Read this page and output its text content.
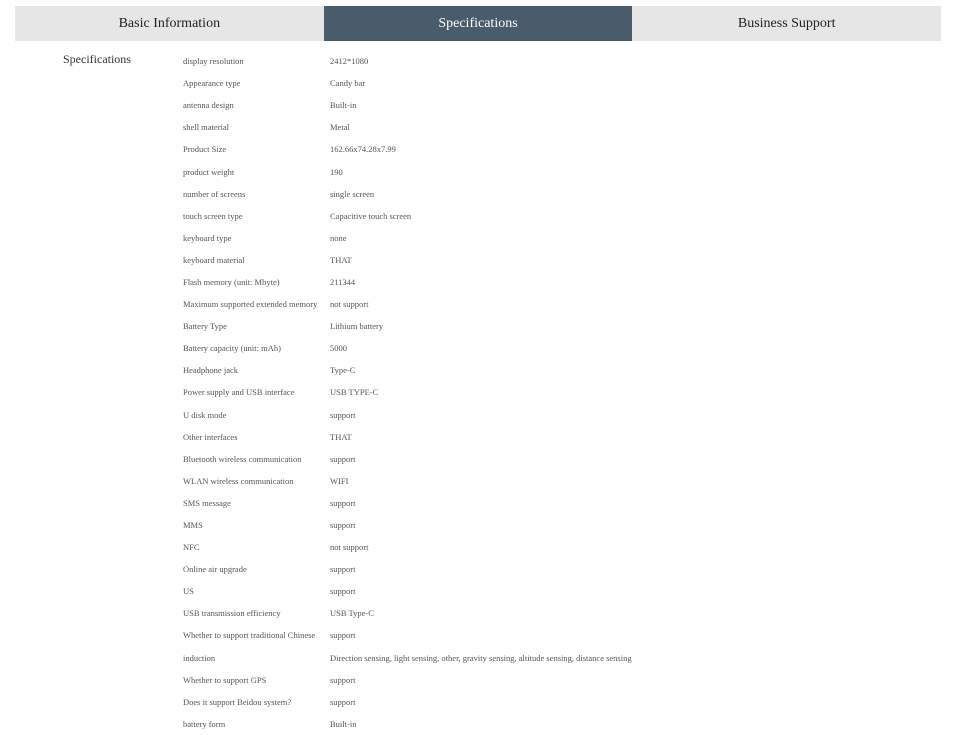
Basic Information	Specifications	Business Support
Specifications	display resolution	2412*1080
Appearance type	Candy bar
antenna design	Built-in
shell material	Metal
Product Size	162.66x74.28x7.99
product weight	190
number of screens	single screen
touch screen type	Capacitive touch screen
keyboard type	none
keyboard material	THAT
Flash memory (unit: Mbyte)	211344
Maximum supported extended memory	not support
Battery Type	Lithium battery
Battery capacity (unit: mAh)	5000
Headphone jack	Type-C
Power supply and USB interface	USB TYPE-C
U disk mode	support
Other interfaces	THAT
Bluetooth wireless communication	support
WLAN wireless communication	WIFI
SMS message	support
MMS	support
NFC	not support
Online air upgrade	support
US	support
USB transmission efficiency	USB Type-C
Whether to support traditional Chinese	support
induction	Direction sensing, light sensing, other, gravity sensing, altitude sensing, distance sensing
Whether to support GPS	support
Does it support Beidou system?	support
battery form	Built-in
